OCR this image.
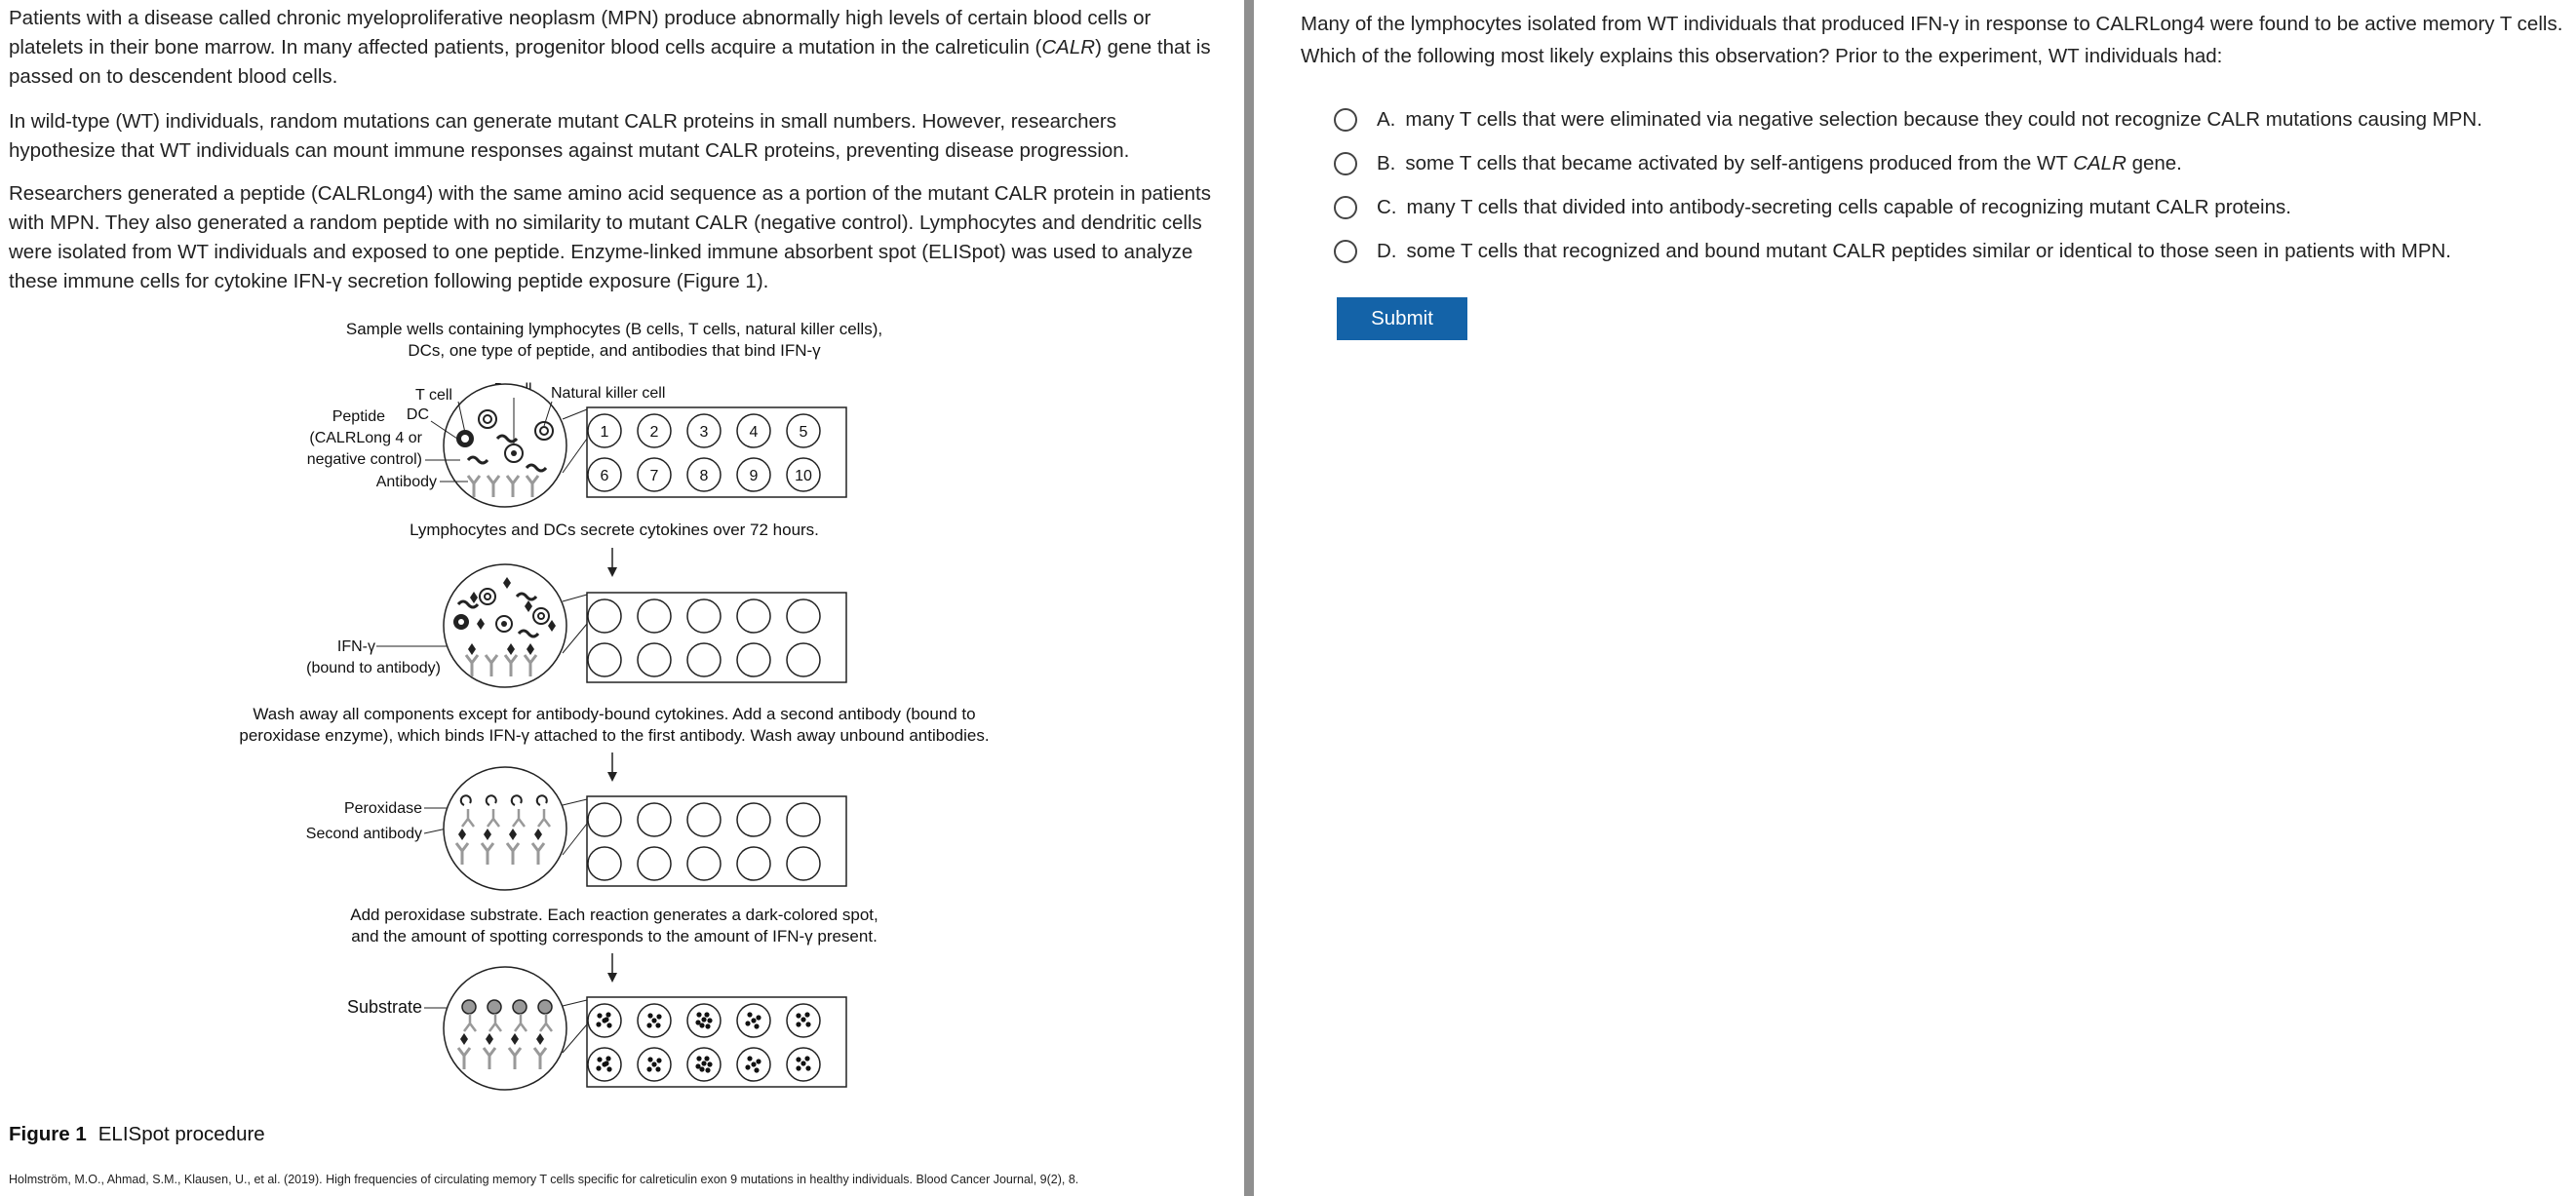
Patients with a disease called chronic myeloproliferative neoplasm (MPN) produce abnormally high levels of certain blood cells or platelets in their bone marrow. In many affected patients, progenitor blood cells acquire a mutation in the calreticulin (CALR) gene that is passed on to descendent blood cells.

In wild-type (WT) individuals, random mutations can generate mutant CALR proteins in small numbers. However, researchers hypothesize that WT individuals can mount immune responses against mutant CALR proteins, preventing disease progression.

Researchers generated a peptide (CALRLong4) with the same amino acid sequence as a portion of the mutant CALR protein in patients with MPN. They also generated a random peptide with no similarity to mutant CALR (negative control). Lymphocytes and dendritic cells were isolated from WT individuals and exposed to one peptide. Enzyme-linked immune absorbent spot (ELISpot) was used to analyze these immune cells for cytokine IFN-γ secretion following peptide exposure (Figure 1).

Sample wells containing lymphocytes (B cells, T cells, natural killer cells),
DCs, one type of peptide, and antibodies that bind IFN-γ
T cell	Natural killer cell
DC
Peptide
(CALRLong 4 or
negative control)
Antibody
1	2	3	4	5
6	7	8	9 10
Lymphocytes and DCs secrete cytokines over 72 hours.
IFN-γ
(bound to antibody)
Wash away all components except for antibody-bound cytokines. Add a second antibody (bound to
peroxidase enzyme), which binds IFN-γ attached to the first antibody. Wash away unbound antibodies.
Peroxidase
Second antibody
Add peroxidase substrate. Each reaction generates a dark-colored spot,
and the amount of spotting corresponds to the amount of IFN-γ present.
Substrate
Figure 1 ELISpot procedure
Holmström, M.O., Ahmad, S.M., Klausen, U., et al. (2019). High frequencies of circulating memory T cells specific for calreticulin exon 9 mutations in healthy individuals. Blood Cancer Journal, 9(2), 8.

Many of the lymphocytes isolated from WT individuals that produced IFN-γ in response to CALRLong4 were found to be active memory T cells. Which of the following most likely explains this observation? Prior to the experiment, WT individuals had:

A. many T cells that were eliminated via negative selection because they could not recognize CALR mutations causing MPN.
B. some T cells that became activated by self-antigens produced from the WT CALR gene.
C. many T cells that divided into antibody-secreting cells capable of recognizing mutant CALR proteins.
D. some T cells that recognized and bound mutant CALR peptides similar or identical to those seen in patients with MPN.
Submit
